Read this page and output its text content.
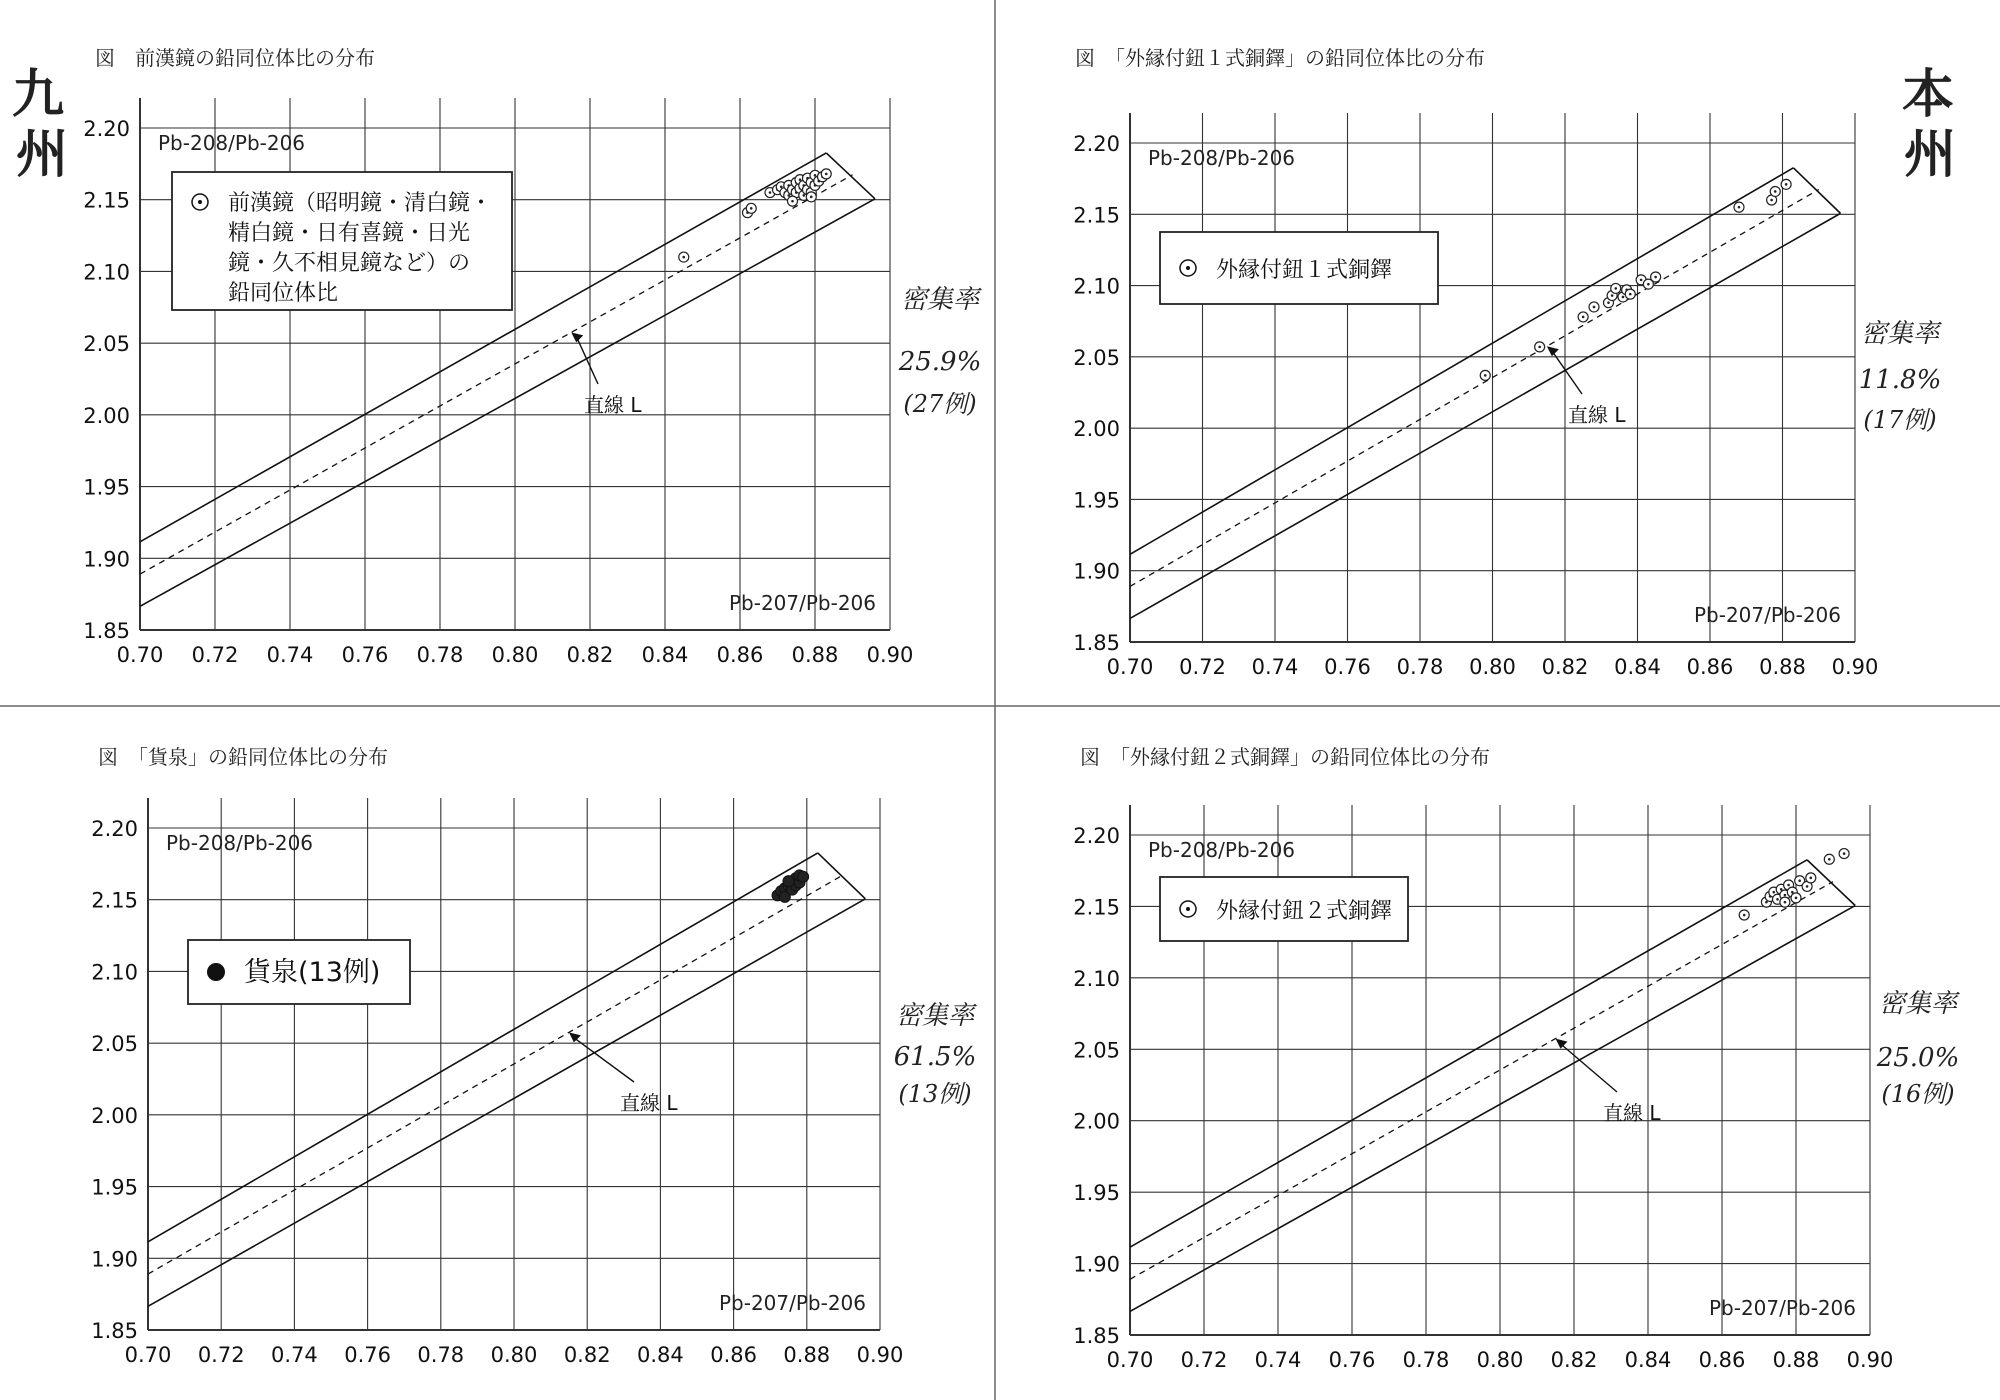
九
州
本
州
図　前漢鏡の鉛同位体比の分布
0.70 0.72 0.74 0.76 0.78 0.80 0.82 0.84 0.86 0.88 0.90
1.85
1.90
1.95
2.00
2.05
2.10
2.15
2.20
Pb-208/Pb-206
Pb-207/Pb-206
直線 L
前漢鏡（昭明鏡・清白鏡・
精白鏡・日有喜鏡・日光
鏡・久不相見鏡など）の
鉛同位体比	密集率
25.9%
(27例)
図　「外縁付鈕１式銅鐸」の鉛同位体比の分布
0.70 0.72 0.74 0.76 0.78 0.80 0.82 0.84 0.86 0.88 0.90
1.85
1.90
1.95
2.00
2.05
2.10
2.15
2.20
Pb-208/Pb-206
Pb-207/Pb-206
直線 L
外縁付鈕１式銅鐸
密集率
11.8%
(17例)
図　「貨泉」の鉛同位体比の分布
0.70 0.72 0.74 0.76 0.78 0.80 0.82 0.84 0.86 0.88 0.90
1.85
1.90
1.95
2.00
2.05
2.10
2.15
2.20
Pb-208/Pb-206
Pb-207/Pb-206
直線 L
貨泉(13例)
密集率
61.5%
(13例)
図　「外縁付鈕２式銅鐸」の鉛同位体比の分布
0.70 0.72 0.74 0.76 0.78 0.80 0.82 0.84 0.86 0.88 0.90
1.85
1.90
1.95
2.00
2.05
2.10
2.15
2.20
Pb-208/Pb-206
Pb-207/Pb-206
直線 L
外縁付鈕２式銅鐸
密集率
25.0%
(16例)
